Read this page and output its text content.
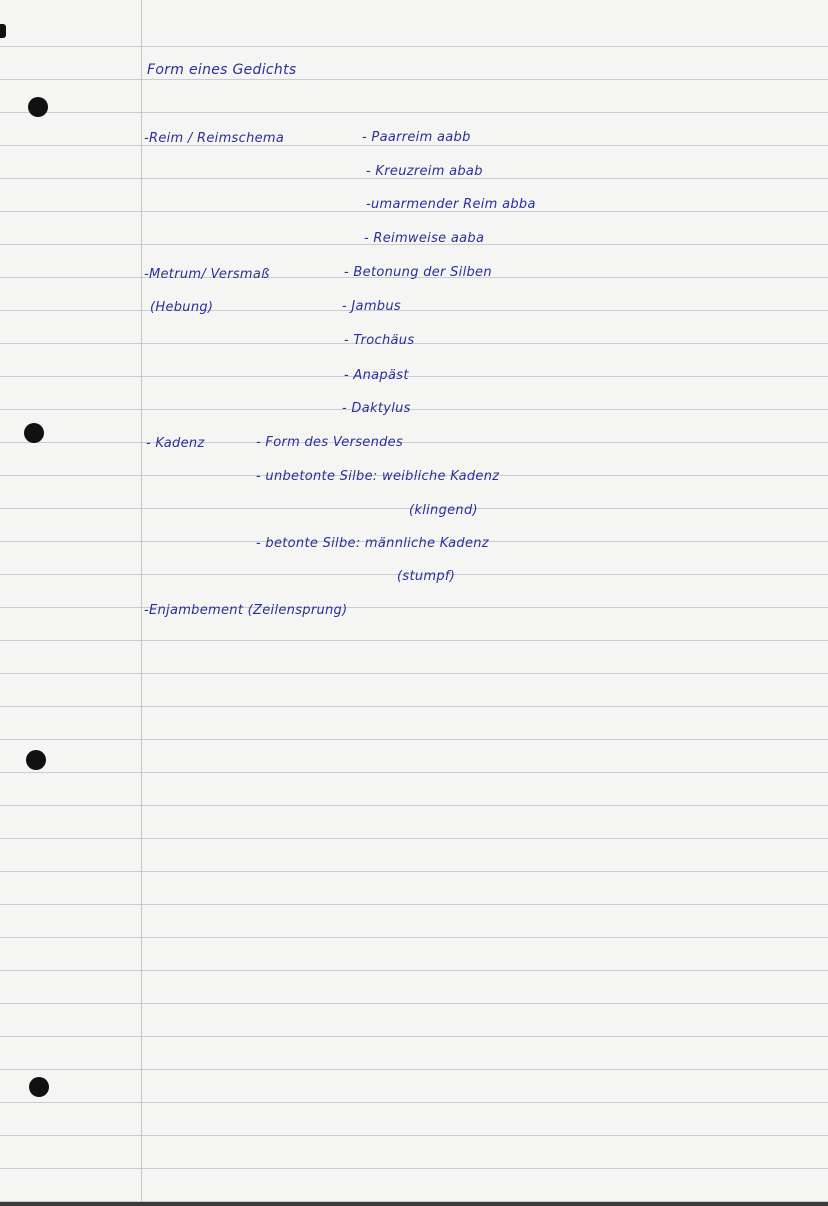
Form eines Gedichts
-Reim / Reimschema	- Paarreim aabb
- Kreuzreim abab
-umarmender Reim abba
- Reimweise aaba
-Metrum/ Versmaß
(Hebung)
- Betonung der Silben
- Jambus
- Trochäus
- Anapäst
- Daktylus
- Kadenz	- Form des Versendes
- unbetonte Silbe: weibliche Kadenz
(klingend)
- betonte Silbe: männliche Kadenz
(stumpf)
-Enjambement (Zeilensprung)
